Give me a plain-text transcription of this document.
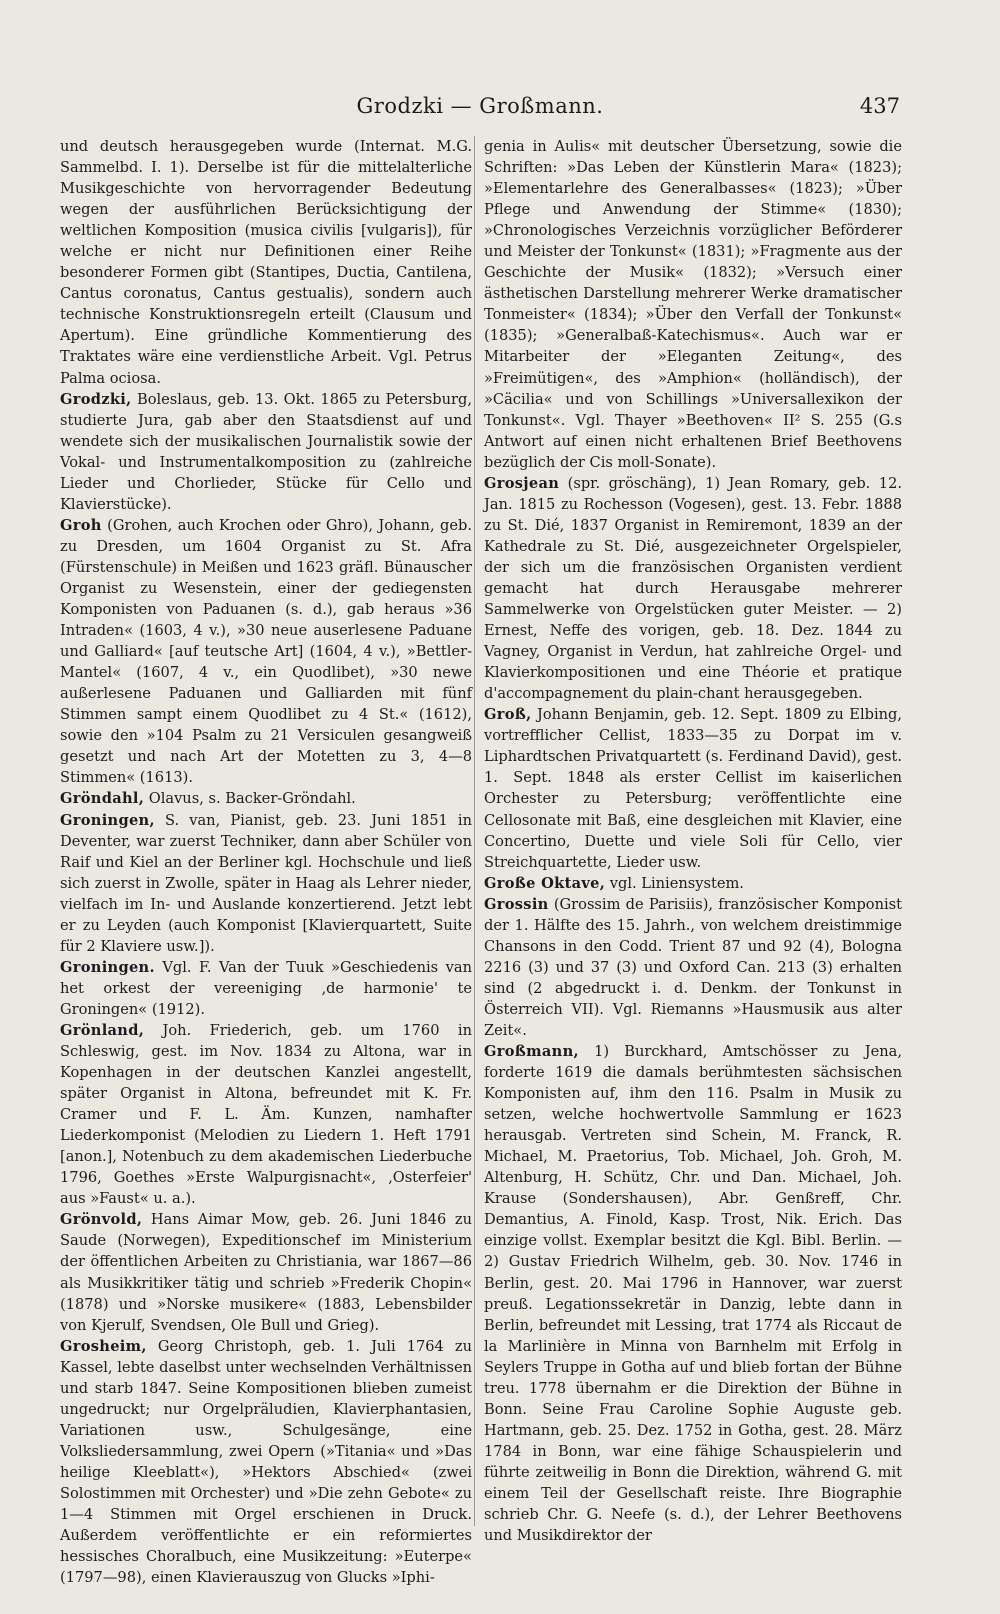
Grodzki — Großmann.	437

und deutsch herausgegeben wurde (Internat. M.G. Sammelbd. I. 1). Derselbe ist für die mittelalterliche Musikgeschichte von hervorragender Bedeutung wegen der ausführlichen Berücksichtigung der weltlichen Komposition (musica civilis [vulgaris]), für welche er nicht nur Definitionen einer Reihe besonderer Formen gibt (Stantipes, Ductia, Cantilena, Cantus coronatus, Cantus gestualis), sondern auch technische Konstruktionsregeln erteilt (Clausum und Apertum). Eine gründliche Kommentierung des Traktates wäre eine verdienstliche Arbeit. Vgl. Petrus Palma ociosa.

Grodzki, Boleslaus, geb. 13. Okt. 1865 zu Petersburg, studierte Jura, gab aber den Staatsdienst auf und wendete sich der musikalischen Journalistik sowie der Vokal- und Instrumentalkomposition zu (zahlreiche Lieder und Chorlieder, Stücke für Cello und Klavierstücke).

Groh (Grohen, auch Krochen oder Ghro), Johann, geb. zu Dresden, um 1604 Organist zu St. Afra (Fürstenschule) in Meißen und 1623 gräfl. Bünauscher Organist zu Wesenstein, einer der gediegensten Komponisten von Paduanen (s. d.), gab heraus »36 Intraden« (1603, 4 v.), »30 neue auserlesene Paduane und Galliard« [auf teutsche Art] (1604, 4 v.), »Bettler-Mantel« (1607, 4 v., ein Quodlibet), »30 newe außerlesene Paduanen und Galliarden mit fünf Stimmen sampt einem Quodlibet zu 4 St.« (1612), sowie den »104 Psalm zu 21 Versiculen gesangweiß gesetzt und nach Art der Motetten zu 3, 4—8 Stimmen« (1613).

Gröndahl, Olavus, s. Backer-Gröndahl.

Groningen, S. van, Pianist, geb. 23. Juni 1851 in Deventer, war zuerst Techniker, dann aber Schüler von Raif und Kiel an der Berliner kgl. Hochschule und ließ sich zuerst in Zwolle, später in Haag als Lehrer nieder, vielfach im In- und Auslande konzertierend. Jetzt lebt er zu Leyden (auch Komponist [Klavierquartett, Suite für 2 Klaviere usw.]).

Groningen. Vgl. F. Van der Tuuk »Geschiedenis van het orkest der vereeniging ‚de harmonie' te Groningen« (1912).

Grönland, Joh. Friederich, geb. um 1760 in Schleswig, gest. im Nov. 1834 zu Altona, war in Kopenhagen in der deutschen Kanzlei angestellt, später Organist in Altona, befreundet mit K. Fr. Cramer und F. L. Äm. Kunzen, namhafter Liederkomponist (Melodien zu Liedern 1. Heft 1791 [anon.], Notenbuch zu dem akademischen Liederbuche 1796, Goethes »Erste Walpurgisnacht«, ‚Osterfeier' aus »Faust« u. a.).

Grönvold, Hans Aimar Mow, geb. 26. Juni 1846 zu Saude (Norwegen), Expeditionschef im Ministerium der öffentlichen Arbeiten zu Christiania, war 1867—86 als Musikkritiker tätig und schrieb »Frederik Chopin« (1878) und »Norske musikere« (1883, Lebensbilder von Kjerulf, Svendsen, Ole Bull und Grieg).

Grosheim, Georg Christoph, geb. 1. Juli 1764 zu Kassel, lebte daselbst unter wechselnden Verhältnissen und starb 1847. Seine Kompositionen blieben zumeist ungedruckt; nur Orgelpräludien, Klavierphantasien, Variationen usw., Schulgesänge, eine Volksliedersammlung, zwei Opern (»Titania« und »Das heilige Kleeblatt«), »Hektors Abschied« (zwei Solostimmen mit Orchester) und »Die zehn Gebote« zu 1—4 Stimmen mit Orgel erschienen in Druck. Außerdem veröffentlichte er ein reformiertes hessisches Choralbuch, eine Musikzeitung: »Euterpe« (1797—98), einen Klavierauszug von Glucks »Iphi-

genia in Aulis« mit deutscher Übersetzung, sowie die Schriften: »Das Leben der Künstlerin Mara« (1823); »Elementarlehre des Generalbasses« (1823); »Über Pflege und Anwendung der Stimme« (1830); »Chronologisches Verzeichnis vorzüglicher Beförderer und Meister der Tonkunst« (1831); »Fragmente aus der Geschichte der Musik« (1832); »Versuch einer ästhetischen Darstellung mehrerer Werke dramatischer Tonmeister« (1834); »Über den Verfall der Tonkunst« (1835); »Generalbaß-Katechismus«. Auch war er Mitarbeiter der »Eleganten Zeitung«, des »Freimütigen«, des »Amphion« (holländisch), der »Cäcilia« und von Schillings »Universallexikon der Tonkunst«. Vgl. Thayer »Beethoven« II² S. 255 (G.s Antwort auf einen nicht erhaltenen Brief Beethovens bezüglich der Cis moll-Sonate).

Grosjean (spr. gröschäng), 1) Jean Romary, geb. 12. Jan. 1815 zu Rochesson (Vogesen), gest. 13. Febr. 1888 zu St. Dié, 1837 Organist in Remiremont, 1839 an der Kathedrale zu St. Dié, ausgezeichneter Orgelspieler, der sich um die französischen Organisten verdient gemacht hat durch Herausgabe mehrerer Sammelwerke von Orgelstücken guter Meister. — 2) Ernest, Neffe des vorigen, geb. 18. Dez. 1844 zu Vagney, Organist in Verdun, hat zahlreiche Orgel- und Klavierkompositionen und eine Théorie et pratique d'accompagnement du plain-chant herausgegeben.

Groß, Johann Benjamin, geb. 12. Sept. 1809 zu Elbing, vortrefflicher Cellist, 1833—35 zu Dorpat im v. Liphardtschen Privatquartett (s. Ferdinand David), gest. 1. Sept. 1848 als erster Cellist im kaiserlichen Orchester zu Petersburg; veröffentlichte eine Cellosonate mit Baß, eine desgleichen mit Klavier, eine Concertino, Duette und viele Soli für Cello, vier Streichquartette, Lieder usw.

Große Oktave, vgl. Liniensystem.

Grossin (Grossim de Parisiis), französischer Komponist der 1. Hälfte des 15. Jahrh., von welchem dreistimmige Chansons in den Codd. Trient 87 und 92 (4), Bologna 2216 (3) und 37 (3) und Oxford Can. 213 (3) erhalten sind (2 abgedruckt i. d. Denkm. der Tonkunst in Österreich VII). Vgl. Riemanns »Hausmusik aus alter Zeit«.

Großmann, 1) Burckhard, Amtschösser zu Jena, forderte 1619 die damals berühmtesten sächsischen Komponisten auf, ihm den 116. Psalm in Musik zu setzen, welche hochwertvolle Sammlung er 1623 herausgab. Vertreten sind Schein, M. Franck, R. Michael, M. Praetorius, Tob. Michael, Joh. Groh, M. Altenburg, H. Schütz, Chr. und Dan. Michael, Joh. Krause (Sondershausen), Abr. Genßreff, Chr. Demantius, A. Finold, Kasp. Trost, Nik. Erich. Das einzige vollst. Exemplar besitzt die Kgl. Bibl. Berlin. — 2) Gustav Friedrich Wilhelm, geb. 30. Nov. 1746 in Berlin, gest. 20. Mai 1796 in Hannover, war zuerst preuß. Legationssekretär in Danzig, lebte dann in Berlin, befreundet mit Lessing, trat 1774 als Riccaut de la Marlinière in Minna von Barnhelm mit Erfolg in Seylers Truppe in Gotha auf und blieb fortan der Bühne treu. 1778 übernahm er die Direktion der Bühne in Bonn. Seine Frau Caroline Sophie Auguste geb. Hartmann, geb. 25. Dez. 1752 in Gotha, gest. 28. März 1784 in Bonn, war eine fähige Schauspielerin und führte zeitweilig in Bonn die Direktion, während G. mit einem Teil der Gesellschaft reiste. Ihre Biographie schrieb Chr. G. Neefe (s. d.), der Lehrer Beethovens und Musikdirektor der
